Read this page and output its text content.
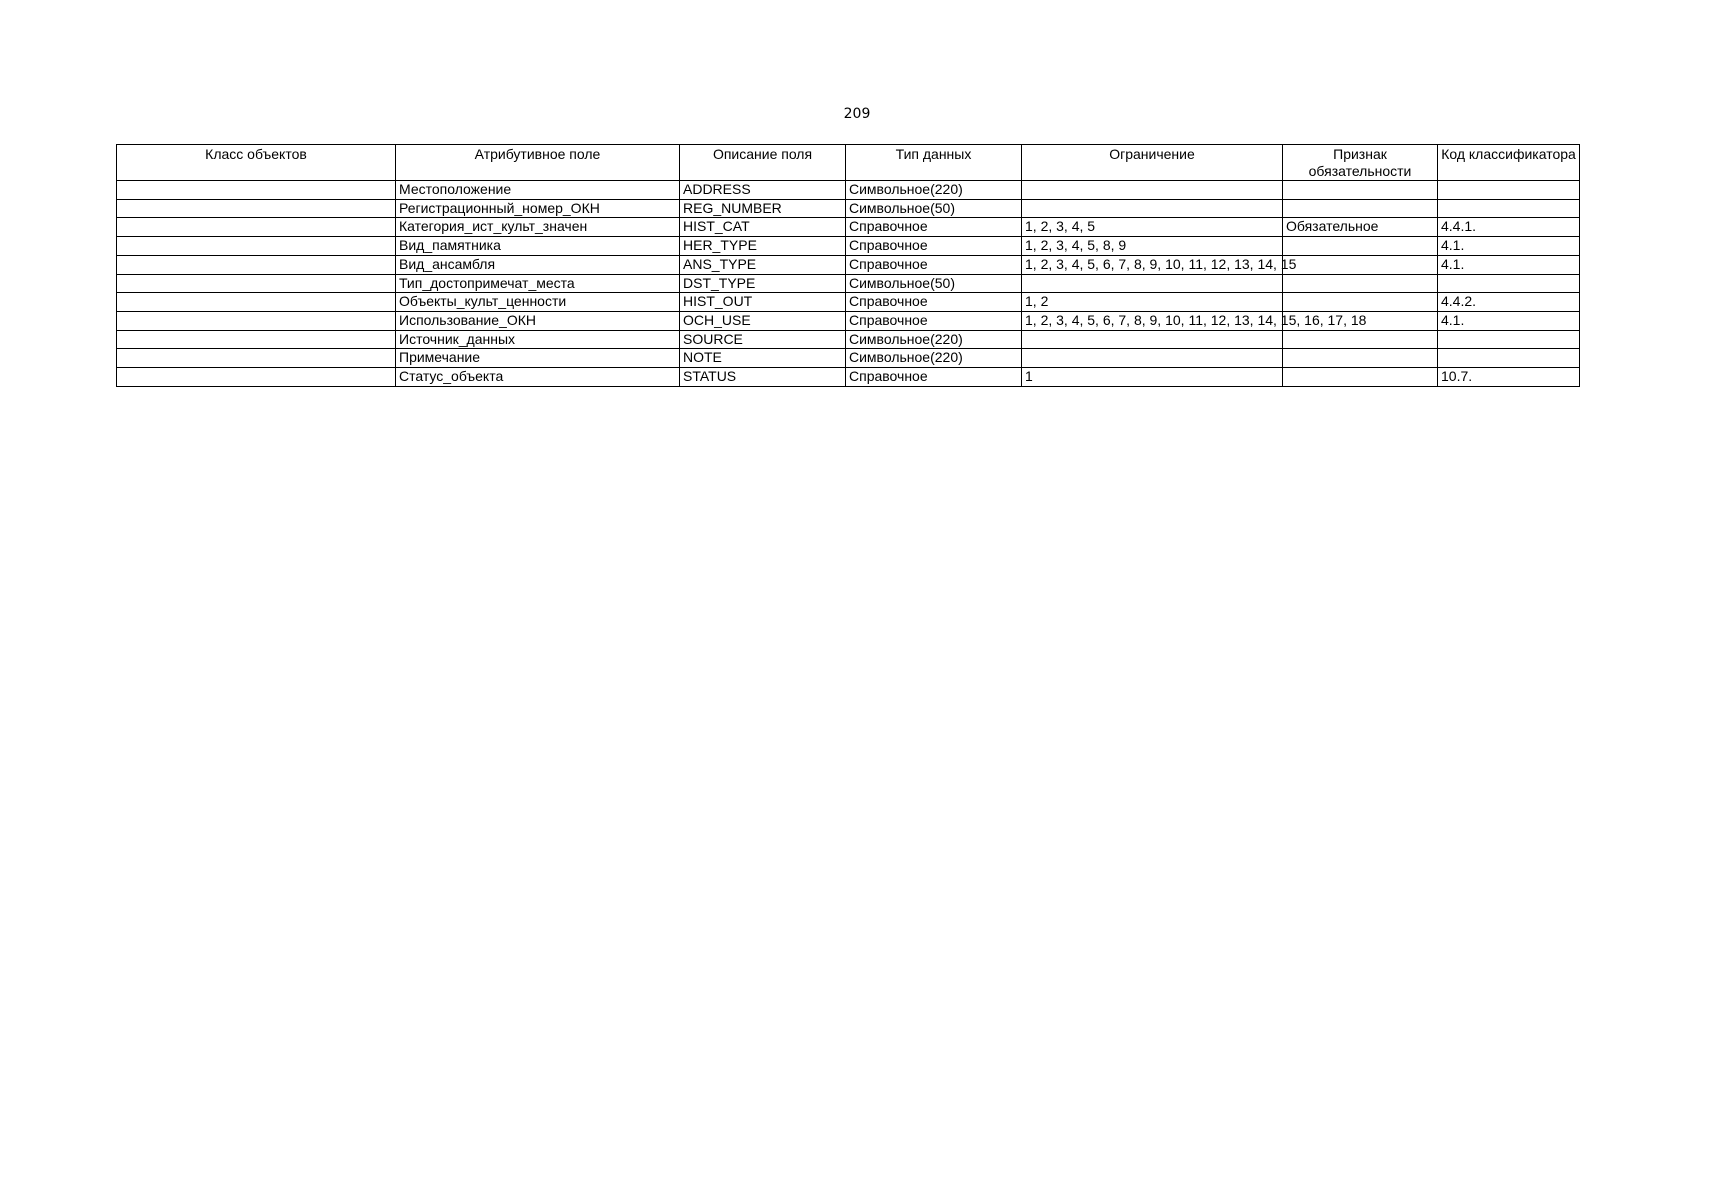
209
Класс объектов	Атрибутивное поле	Описание поля	Тип данных	Ограничение	Признак обязательности	Код классификатора
	Местоположение	ADDRESS	Символьное(220)			
	Регистрационный_номер_ОКН	REG_NUMBER	Символьное(50)			
	Категория_ист_культ_значен	HIST_CAT	Справочное	1, 2, 3, 4, 5	Обязательное	4.4.1.
	Вид_памятника	HER_TYPE	Справочное	1, 2, 3, 4, 5, 8, 9		4.1.
	Вид_ансамбля	ANS_TYPE	Справочное	1, 2, 3, 4, 5, 6, 7, 8, 9, 10, 11, 12, 13, 14, 15		4.1.
	Тип_достопримечат_места	DST_TYPE	Символьное(50)			
	Объекты_культ_ценности	HIST_OUT	Справочное	1, 2		4.4.2.
	Использование_ОКН	OCH_USE	Справочное	1, 2, 3, 4, 5, 6, 7, 8, 9, 10, 11, 12, 13, 14, 15, 16, 17, 18		4.1.
	Источник_данных	SOURCE	Символьное(220)			
	Примечание	NOTE	Символьное(220)			
	Статус_объекта	STATUS	Справочное	1		10.7.
